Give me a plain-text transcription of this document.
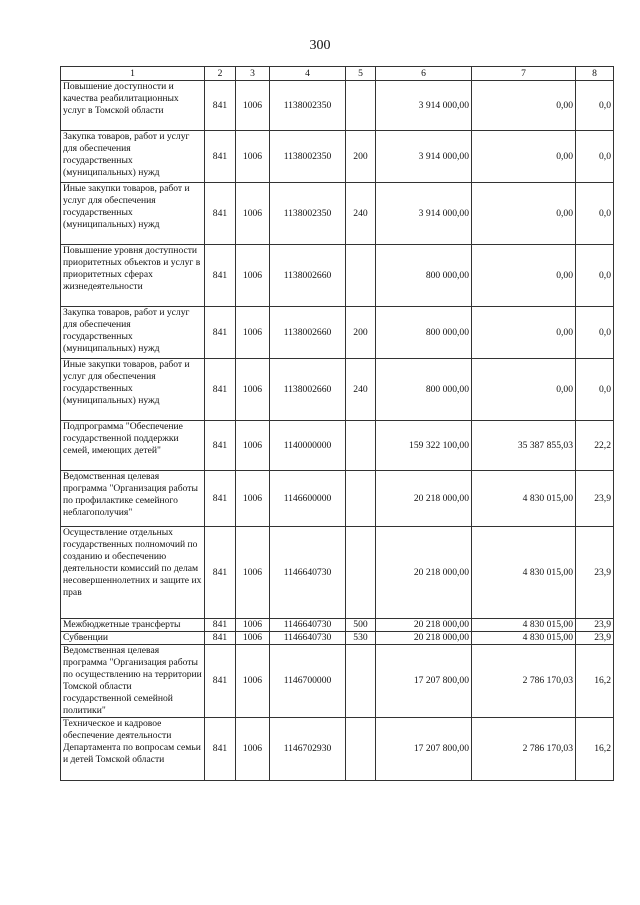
300
1	2	3	4	5	6	7	8
Повышение доступности и качества реабилитационных услуг в Томской области	841	1006	1138002350		3 914 000,00	0,00	0,0
Закупка товаров, работ и услуг для обеспечения государственных (муниципальных) нужд	841	1006	1138002350	200	3 914 000,00	0,00	0,0
Иные закупки товаров, работ и услуг для обеспечения государственных (муниципальных) нужд	841	1006	1138002350	240	3 914 000,00	0,00	0,0
Повышение уровня доступности приоритетных объектов и услуг в приоритетных сферах жизнедеятельности	841	1006	1138002660		800 000,00	0,00	0,0
Закупка товаров, работ и услуг для обеспечения государственных (муниципальных) нужд	841	1006	1138002660	200	800 000,00	0,00	0,0
Иные закупки товаров, работ и услуг для обеспечения государственных (муниципальных) нужд	841	1006	1138002660	240	800 000,00	0,00	0,0
Подпрограмма "Обеспечение государственной поддержки семей, имеющих детей"	841	1006	1140000000		159 322 100,00	35 387 855,03	22,2
Ведомственная целевая программа "Организация работы по профилактике семейного неблагополучия"	841	1006	1146600000		20 218 000,00	4 830 015,00	23,9
Осуществление отдельных государственных полномочий по созданию и обеспечению деятельности комиссий по делам несовершеннолетних и защите их прав	841	1006	1146640730		20 218 000,00	4 830 015,00	23,9
Межбюджетные трансферты	841	1006	1146640730	500	20 218 000,00	4 830 015,00	23,9
Субвенции	841	1006	1146640730	530	20 218 000,00	4 830 015,00	23,9
Ведомственная целевая программа "Организация работы по осуществлению на территории Томской области государственной семейной политики"	841	1006	1146700000		17 207 800,00	2 786 170,03	16,2
Техническое и кадровое обеспечение деятельности Департамента по вопросам семьи и детей Томской области	841	1006	1146702930		17 207 800,00	2 786 170,03	16,2
